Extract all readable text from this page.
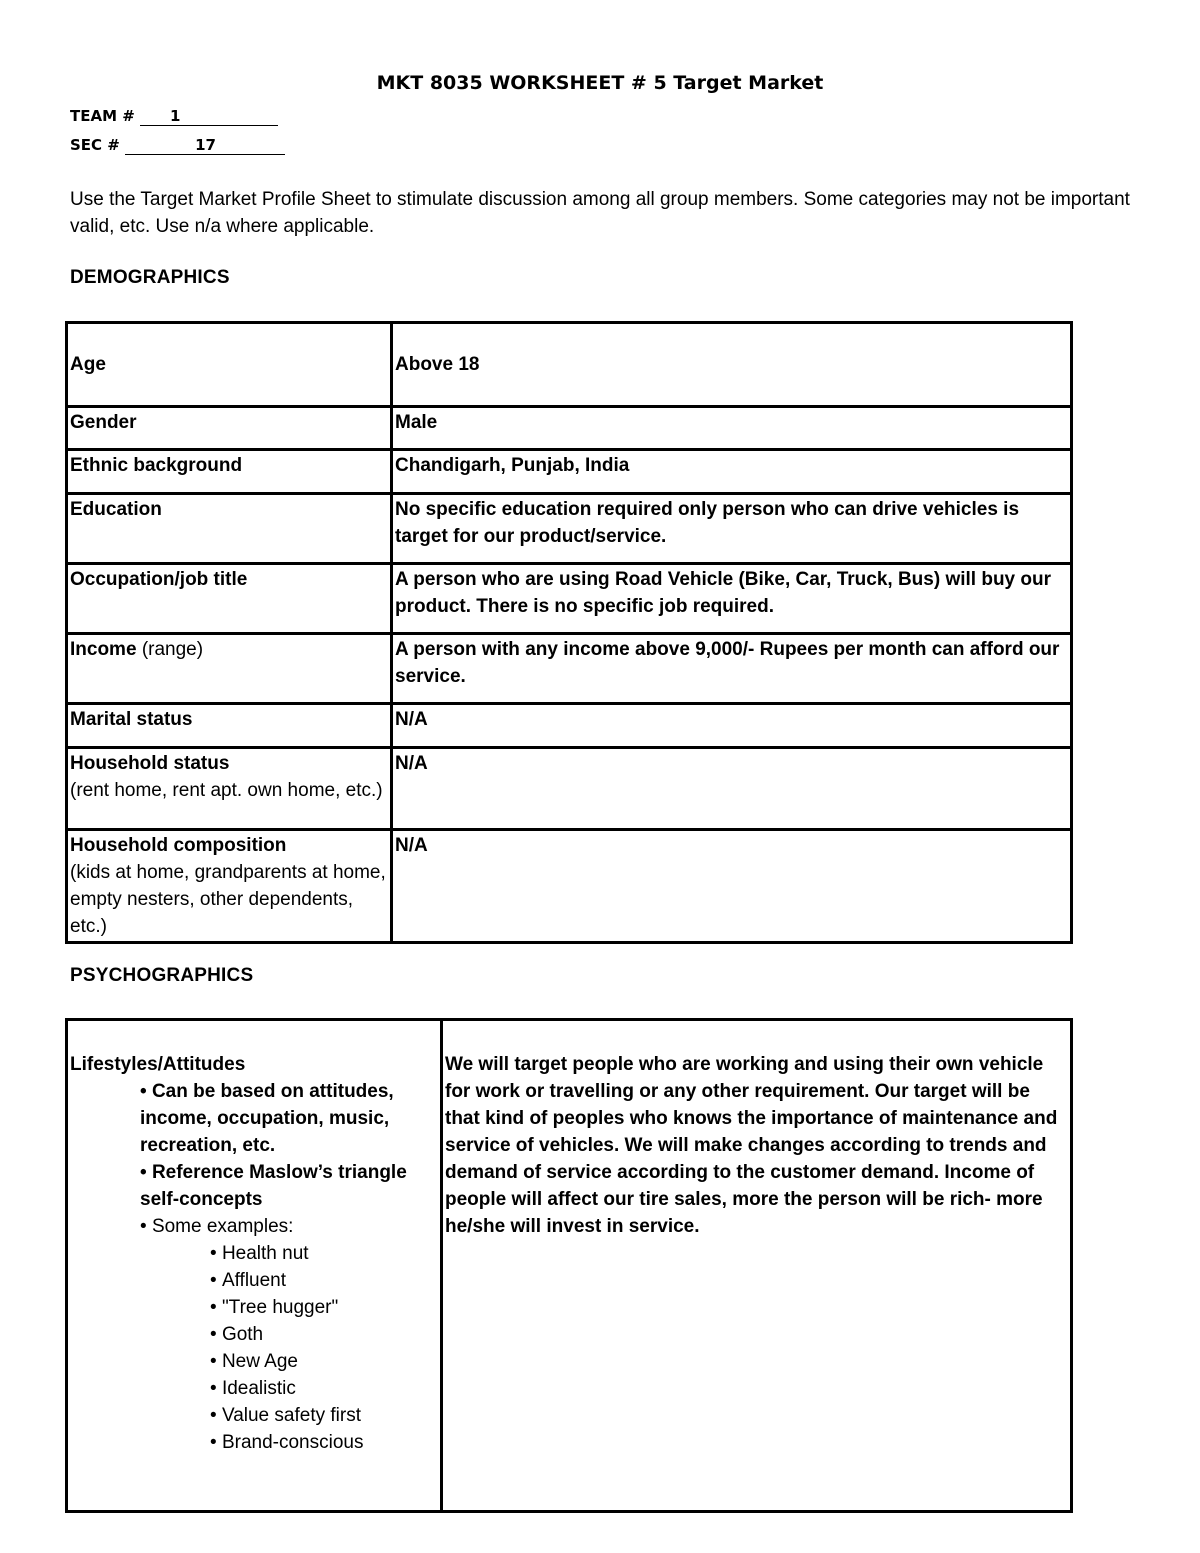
MKT 8035 WORKSHEET # 5 Target Market
TEAM # 1
SEC #	17
Use the Target Market Profile Sheet to stimulate discussion among all group members. Some categories may not be important valid, etc. Use n/a where applicable.
DEMOGRAPHICS
Age	Above 18
Gender	Male
Ethnic background	Chandigarh, Punjab, India
Education	No specific education required only person who can drive vehicles is target for our product/service.
Occupation/job title	A person who are using Road Vehicle (Bike, Car, Truck, Bus) will buy our product. There is no specific job required.
Income (range)	A person with any income above 9,000/- Rupees per month can afford our service.
Marital status	N/A
Household status
(rent home, rent apt. own home, etc.)	N/A
Household composition
(kids at home, grandparents at home, empty nesters, other dependents, etc.)	N/A
PSYCHOGRAPHICS
Lifestyles/Attitudes
• Can be based on attitudes, income, occupation, music, recreation, etc.
• Reference Maslow’s triangle self-concepts
• Some examples:
• Health nut
• Affluent
• "Tree hugger"
• Goth
• New Age
• Idealistic
• Value safety first
• Brand-conscious
	We will target people who are working and using their own vehicle for work or travelling or any other requirement. Our target will be that kind of peoples who knows the importance of maintenance and service of vehicles. We will make changes according to trends and demand of service according to the customer demand. Income of people will affect our tire sales, more the person will be rich- more he/she will invest in service.
